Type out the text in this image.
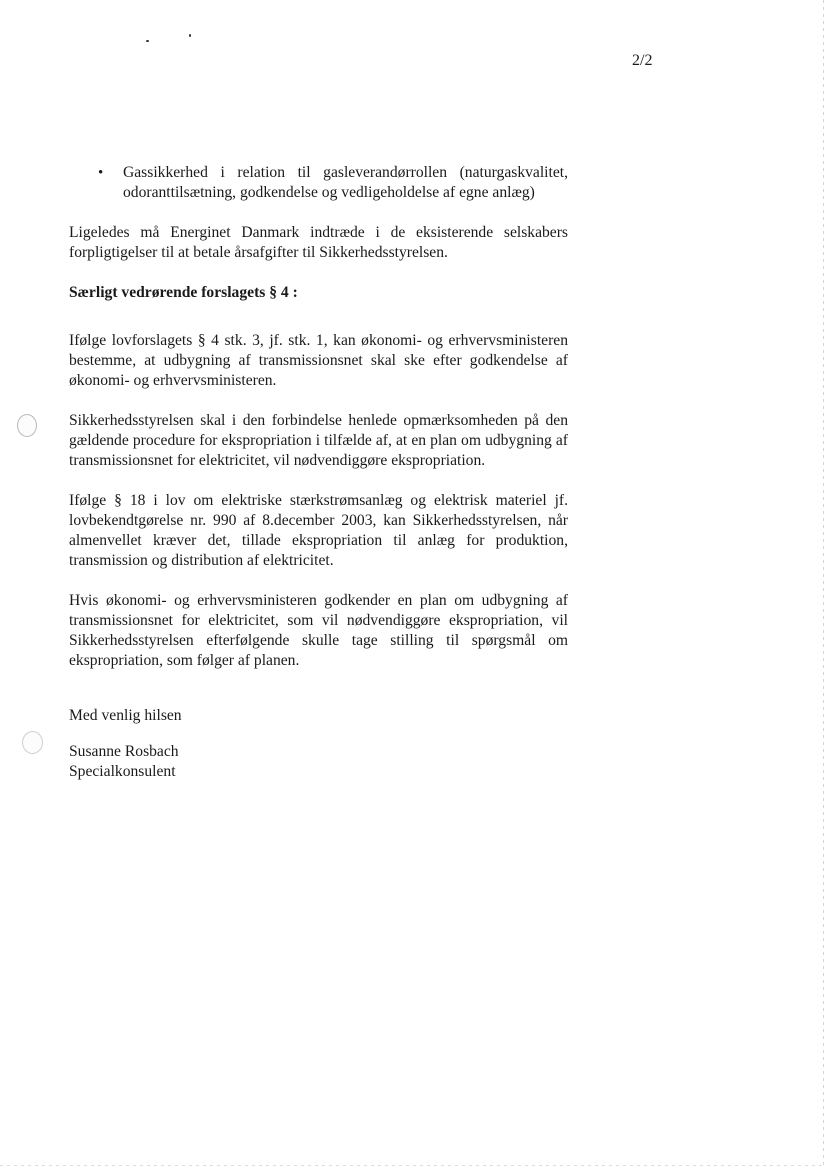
2/2
•	Gassikkerhed i relation til gasleverandørrollen (naturgaskvalitet, odoranttilsætning, godkendelse og vedligeholdelse af egne anlæg)

Ligeledes må Energinet Danmark indtræde i de eksisterende selskabers forpligtigelser til at betale årsafgifter til Sikkerhedsstyrelsen.

Særligt vedrørende forslagets § 4 :

Ifølge lovforslagets § 4 stk. 3, jf. stk. 1, kan økonomi- og erhvervsministeren bestemme, at udbygning af transmissionsnet skal ske efter godkendelse af økonomi- og erhvervsministeren.

Sikkerhedsstyrelsen skal i den forbindelse henlede opmærksomheden på den gældende procedure for ekspropriation i tilfælde af, at en plan om udbygning af transmissionsnet for elektricitet, vil nødvendiggøre ekspropriation.

Ifølge § 18 i lov om elektriske stærkstrømsanlæg og elektrisk materiel jf. lovbekendtgørelse nr. 990 af 8.december 2003, kan Sikkerhedsstyrelsen, når almenvellet kræver det, tillade ekspropriation til anlæg for produktion, transmission og distribution af elektricitet.

Hvis økonomi- og erhvervsministeren godkender en plan om udbygning af transmissionsnet for elektricitet, som vil nødvendiggøre ekspropriation, vil Sikkerhedsstyrelsen efterfølgende skulle tage stilling til spørgsmål om ekspropriation, som følger af planen.

Med venlig hilsen

Susanne Rosbach

Specialkonsulent
